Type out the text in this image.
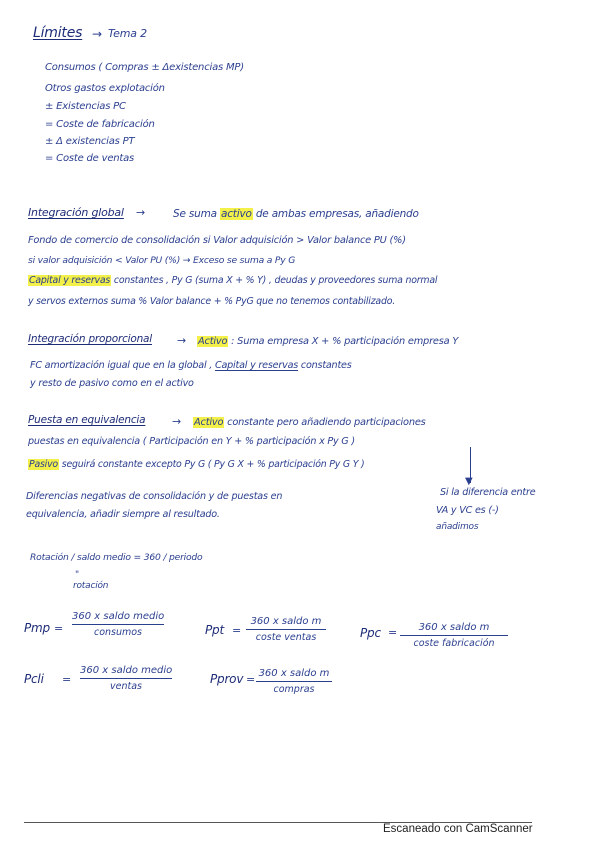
Límites → Tema 2
Consumos ( Compras ± Δexistencias MP)
Otros gastos explotación
± Existencias PC
= Coste de fabricación
± Δ existencias PT
= Coste de ventas
Integración global →	Se suma activo de ambas empresas, añadiendo
Fondo de comercio de consolidación si Valor adquisición > Valor balance PU (%)
si valor adquisición < Valor PU (%) → Exceso se suma a Py G
Capital y reservas constantes , Py G (suma X + % Y) , deudas y proveedores suma normal
y servos externos suma % Valor balance + % PyG que no tenemos contabilizado.
Integración proporcional → Activo : Suma empresa X + % participación empresa Y
FC amortización igual que en la global , Capital y reservas constantes
y resto de pasivo como en el activo
Puesta en equivalencia → Activo constante pero añadiendo participaciones
puestas en equivalencia ( Participación en Y + % participación x Py G )
Pasivo seguirá constante excepto Py G ( Py G X + % participación Py G Y )
▼
Diferencias negativas de consolidación y de puestas en
equivalencia, añadir siempre al resultado.
Si la diferencia entre
VA y VC es (-)
añadimos
Rotación / saldo medio = 360 / periodo
"
rotación
Pmp =
360 x saldo medio
consumos	Ppt =
360 x saldo m
coste ventas	Ppc =	360 x saldo m
coste fabricación
Pcli =
360 x saldo medio
ventas
Pprov = 360 x saldo m
compras
Escaneado con CamScanner
